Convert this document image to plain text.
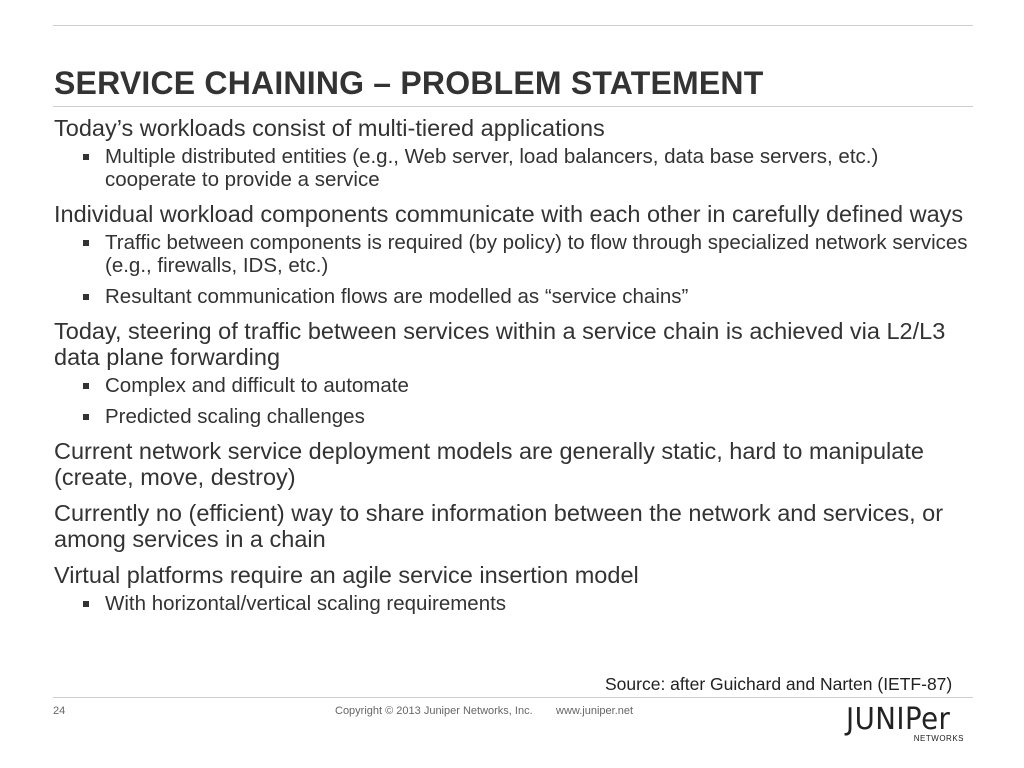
SERVICE CHAINING – PROBLEM STATEMENT

Today’s workloads consist of multi-tiered applications

Multiple distributed entities (e.g., Web server, load balancers, data base servers, etc.) cooperate to provide a service

Individual workload components communicate with each other in carefully defined ways

Traffic between components is required (by policy) to flow through specialized network services (e.g., firewalls, IDS, etc.)
Resultant communication flows are modelled as “service chains”

Today, steering of traffic between services within a service chain is achieved via L2/L3 data plane forwarding

Complex and difficult to automate
Predicted scaling challenges

Current network service deployment models are generally static, hard to manipulate (create, move, destroy)

Currently no (efficient) way to share information between the network and services, or among services in a chain

Virtual platforms require an agile service insertion model

With horizontal/vertical scaling requirements
Source: after Guichard and Narten (IETF-87)
24	Copyright © 2013 Juniper Networks, Inc. www.juniper.net	JUNIPer
NETWORKS
